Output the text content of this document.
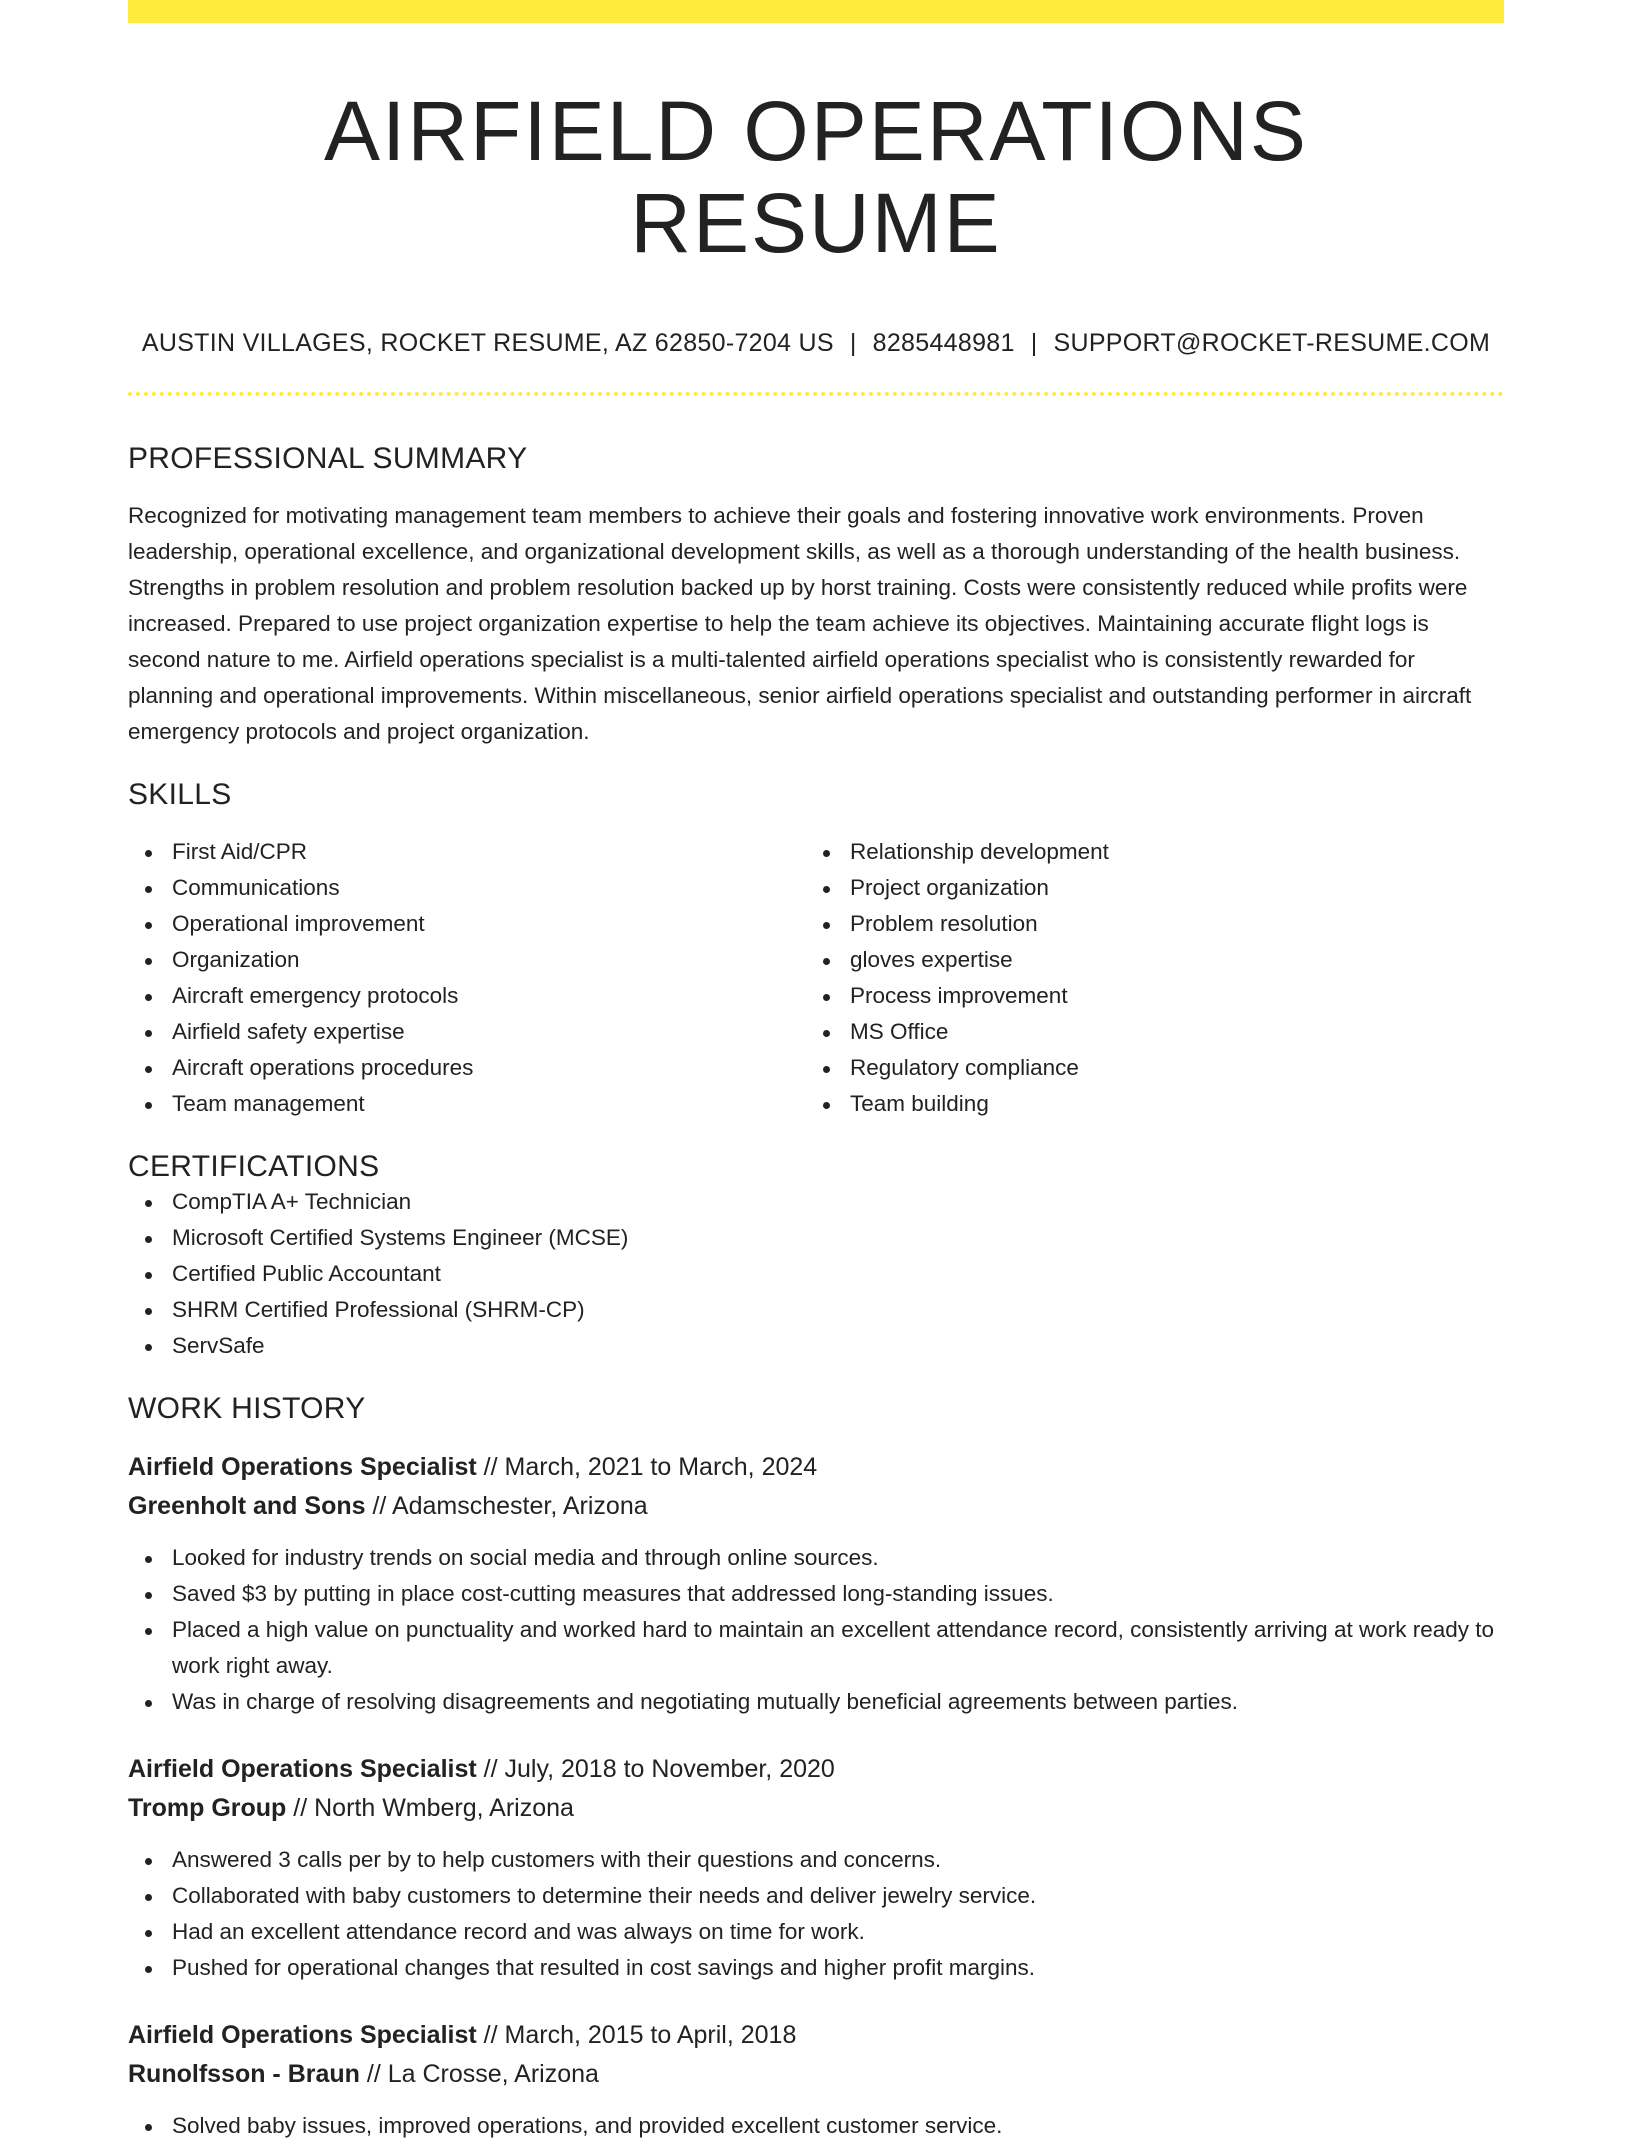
AIRFIELD OPERATIONS RESUME
AUSTIN VILLAGES, ROCKET RESUME, AZ 62850-7204 US | 8285448981 | SUPPORT@ROCKET-RESUME.COM
PROFESSIONAL SUMMARY

Recognized for motivating management team members to achieve their goals and fostering innovative work environments. Proven leadership, operational excellence, and organizational development skills, as well as a thorough understanding of the health business. Strengths in problem resolution and problem resolution backed up by horst training. Costs were consistently reduced while profits were increased. Prepared to use project organization expertise to help the team achieve its objectives. Maintaining accurate flight logs is second nature to me. Airfield operations specialist is a multi-talented airfield operations specialist who is consistently rewarded for planning and operational improvements. Within miscellaneous, senior airfield operations specialist and outstanding performer in aircraft emergency protocols and project organization.

SKILLS
First Aid/CPR
Communications
Operational improvement
Organization
Aircraft emergency protocols
Airfield safety expertise
Aircraft operations procedures
Team management
Relationship development
Project organization
Problem resolution
gloves expertise
Process improvement
MS Office
Regulatory compliance
Team building
CERTIFICATIONS
CompTIA A+ Technician
Microsoft Certified Systems Engineer (MCSE)
Certified Public Accountant
SHRM Certified Professional (SHRM-CP)
ServSafe
WORK HISTORY
Airfield Operations Specialist // March, 2021 to March, 2024
Greenholt and Sons // Adamschester, Arizona
Looked for industry trends on social media and through online sources.
Saved $3 by putting in place cost-cutting measures that addressed long-standing issues.
Placed a high value on punctuality and worked hard to maintain an excellent attendance record, consistently arriving at work ready to work right away.
Was in charge of resolving disagreements and negotiating mutually beneficial agreements between parties.
Airfield Operations Specialist // July, 2018 to November, 2020
Tromp Group // North Wmberg, Arizona
Answered 3 calls per by to help customers with their questions and concerns.
Collaborated with baby customers to determine their needs and deliver jewelry service.
Had an excellent attendance record and was always on time for work.
Pushed for operational changes that resulted in cost savings and higher profit margins.
Airfield Operations Specialist // March, 2015 to April, 2018
Runolfsson - Braun // La Crosse, Arizona
Solved baby issues, improved operations, and provided excellent customer service.
